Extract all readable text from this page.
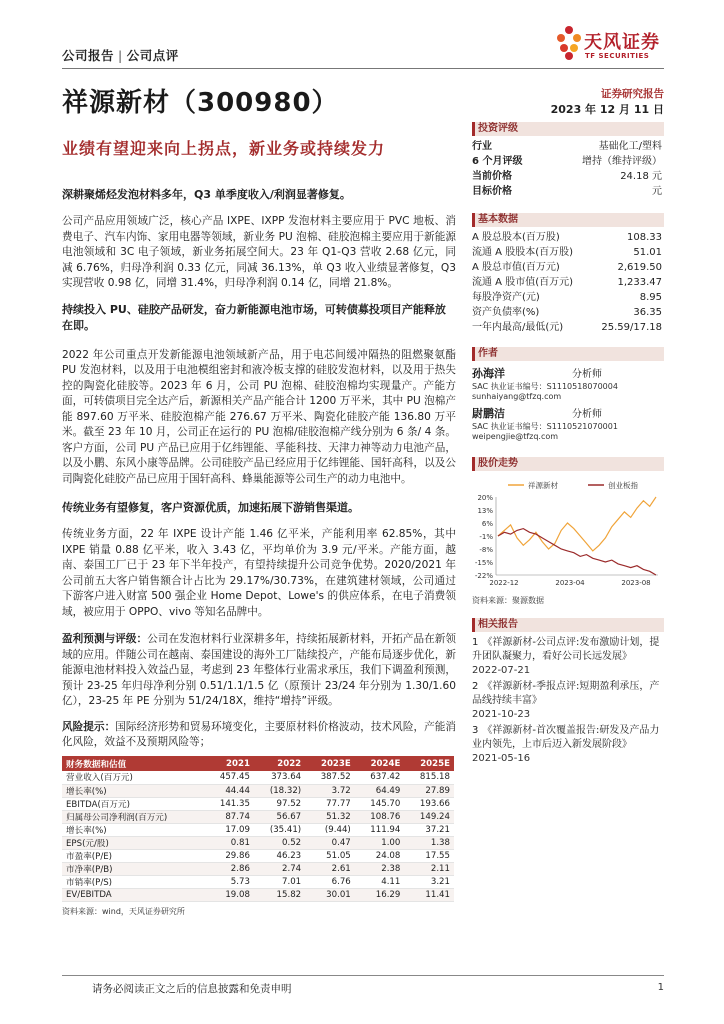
公司报告 | 公司点评
天风证券
TF SECURITIES
祥源新材（300980）	证券研究报告
2023 年 12 月 11 日
业绩有望迎来向上拐点，新业务或持续发力
深耕聚烯烃发泡材料多年，Q3 单季度收入/利润显著修复。
公司产品应用领域广泛，核心产品 IXPE、IXPP 发泡材料主要应用于 PVC 地板、消费电子、汽车内饰、家用电器等领域，新业务 PU 泡棉、硅胶泡棉主要应用于新能源电池领域和 3C 电子领域，新业务拓展空间大。23 年 Q1-Q3 营收 2.68 亿元，同减 6.76%，归母净利润 0.33 亿元，同减 36.13%，单 Q3 收入业绩显著修复，Q3 实现营收 0.98 亿，同增 31.4%，归母净利润 0.14 亿，同增 21.8%。
持续投入 PU、硅胶产品研发，奋力新能源电池市场，可转债募投项目产能释放在即。
2022 年公司重点开发新能源电池领域新产品，用于电芯间缓冲隔热的阻燃聚氨酯 PU 发泡材料，以及用于电池模组密封和液冷板支撑的硅胶发泡材料，以及用于热失控的陶瓷化硅胶等。2023 年 6 月，公司 PU 泡棉、硅胶泡棉均实现量产。产能方面，可转债项目完全达产后，新源相关产品产能合计 1200 万平米，其中 PU 泡棉产能 897.60 万平米、硅胶泡棉产能 276.67 万平米、陶瓷化硅胶产能 136.80 万平米。截至 23 年 10 月，公司正在运行的 PU 泡棉/硅胶泡棉产线分别为 6 条/ 4 条。客户方面，公司 PU 产品已应用于亿纬锂能、孚能科技、天津力神等动力电池产品，以及小鹏、东风小康等品牌。公司硅胶产品已经应用于亿纬锂能、国轩高科，以及公司陶瓷化硅胶产品已应用于国轩高科、蜂巢能源等公司生产的动力电池中。
传统业务有望修复，客户资源优质，加速拓展下游销售渠道。
传统业务方面，22 年 IXPE 设计产能 1.46 亿平米，产能利用率 62.85%，其中 IXPE 销量 0.88 亿平米，收入 3.43 亿，平均单价为 3.9 元/平米。产能方面，越南、泰国工厂已于 23 年下半年投产，有望持续提升公司竞争优势。2020/2021 年公司前五大客户销售额合计占比为 29.17%/30.73%，在建筑建材领域，公司通过下游客户进入财富 500 强企业 Home Depot、Lowe's 的供应体系，在电子消费领域，被应用于 OPPO、vivo 等知名品牌中。
盈利预测与评级：公司在发泡材料行业深耕多年，持续拓展新材料，开拓产品在新领域的应用。伴随公司在越南、泰国建设的海外工厂陆续投产，产能布局逐步优化，新能源电池材料投入效益凸显，考虑到 23 年整体行业需求承压，我们下调盈利预测，预计 23-25 年归母净利分别 0.51/1.1/1.5 亿（原预计 23/24 年分别为 1.30/1.60 亿），23-25 年 PE 分别为 51/24/18X，维持“增持”评级。
风险提示：国际经济形势和贸易环境变化，主要原材料价格波动，技术风险，产能消化风险，效益不及预期风险等；
财务数据和估值	2021	2022	2023E	2024E	2025E
营业收入(百万元)	457.45	373.64	387.52	637.42	815.18
增长率(%)	44.44	(18.32)	3.72	64.49	27.89
EBITDA(百万元)	141.35	97.52	77.77	145.70	193.66
归属母公司净利润(百万元)	87.74	56.67	51.32	108.76	149.24
增长率(%)	17.09	(35.41)	(9.44)	111.94	37.21
EPS(元/股)	0.81	0.52	0.47	1.00	1.38
市盈率(P/E)	29.86	46.23	51.05	24.08	17.55
市净率(P/B)	2.86	2.74	2.61	2.38	2.11
市销率(P/S)	5.73	7.01	6.76	4.11	3.21
EV/EBITDA	19.08	15.82	30.01	16.29	11.41
资料来源：wind，天风证券研究所
投资评级
行业	基础化工/塑料
6 个月评级	增持（维持评级）
当前价格	24.18 元
目标价格	元
基本数据
A 股总股本(百万股)	108.33
流通 A 股股本(百万股)	51.01
A 股总市值(百万元)	2,619.50
流通 A 股市值(百万元)	1,233.47
每股净资产(元)	8.95
资产负债率(%)	36.35
一年内最高/最低(元)	25.59/17.18
作者
孙海洋	分析师
SAC 执业证书编号：S1110518070004
sunhaiyang@tfzq.com
尉鹏洁	分析师
SAC 执业证书编号：S1110521070001
weipengjie@tfzq.com
股价走势
20%
13%
6%
-1%
-8%
-15%
-22%
2022-12	2023-04	2023-08
祥源新材	创业板指
资料来源：聚源数据
相关报告
1 《祥源新材-公司点评:发布激励计划，提升团队凝聚力，看好公司长远发展》
2022-07-21
2 《祥源新材-季报点评:短期盈利承压，产品线持续丰富》
2021-10-23
3 《祥源新材-首次覆盖报告:研发及产品力业内领先，上市后迈入新发展阶段》
2021-05-16
请务必阅读正文之后的信息披露和免责申明	1
